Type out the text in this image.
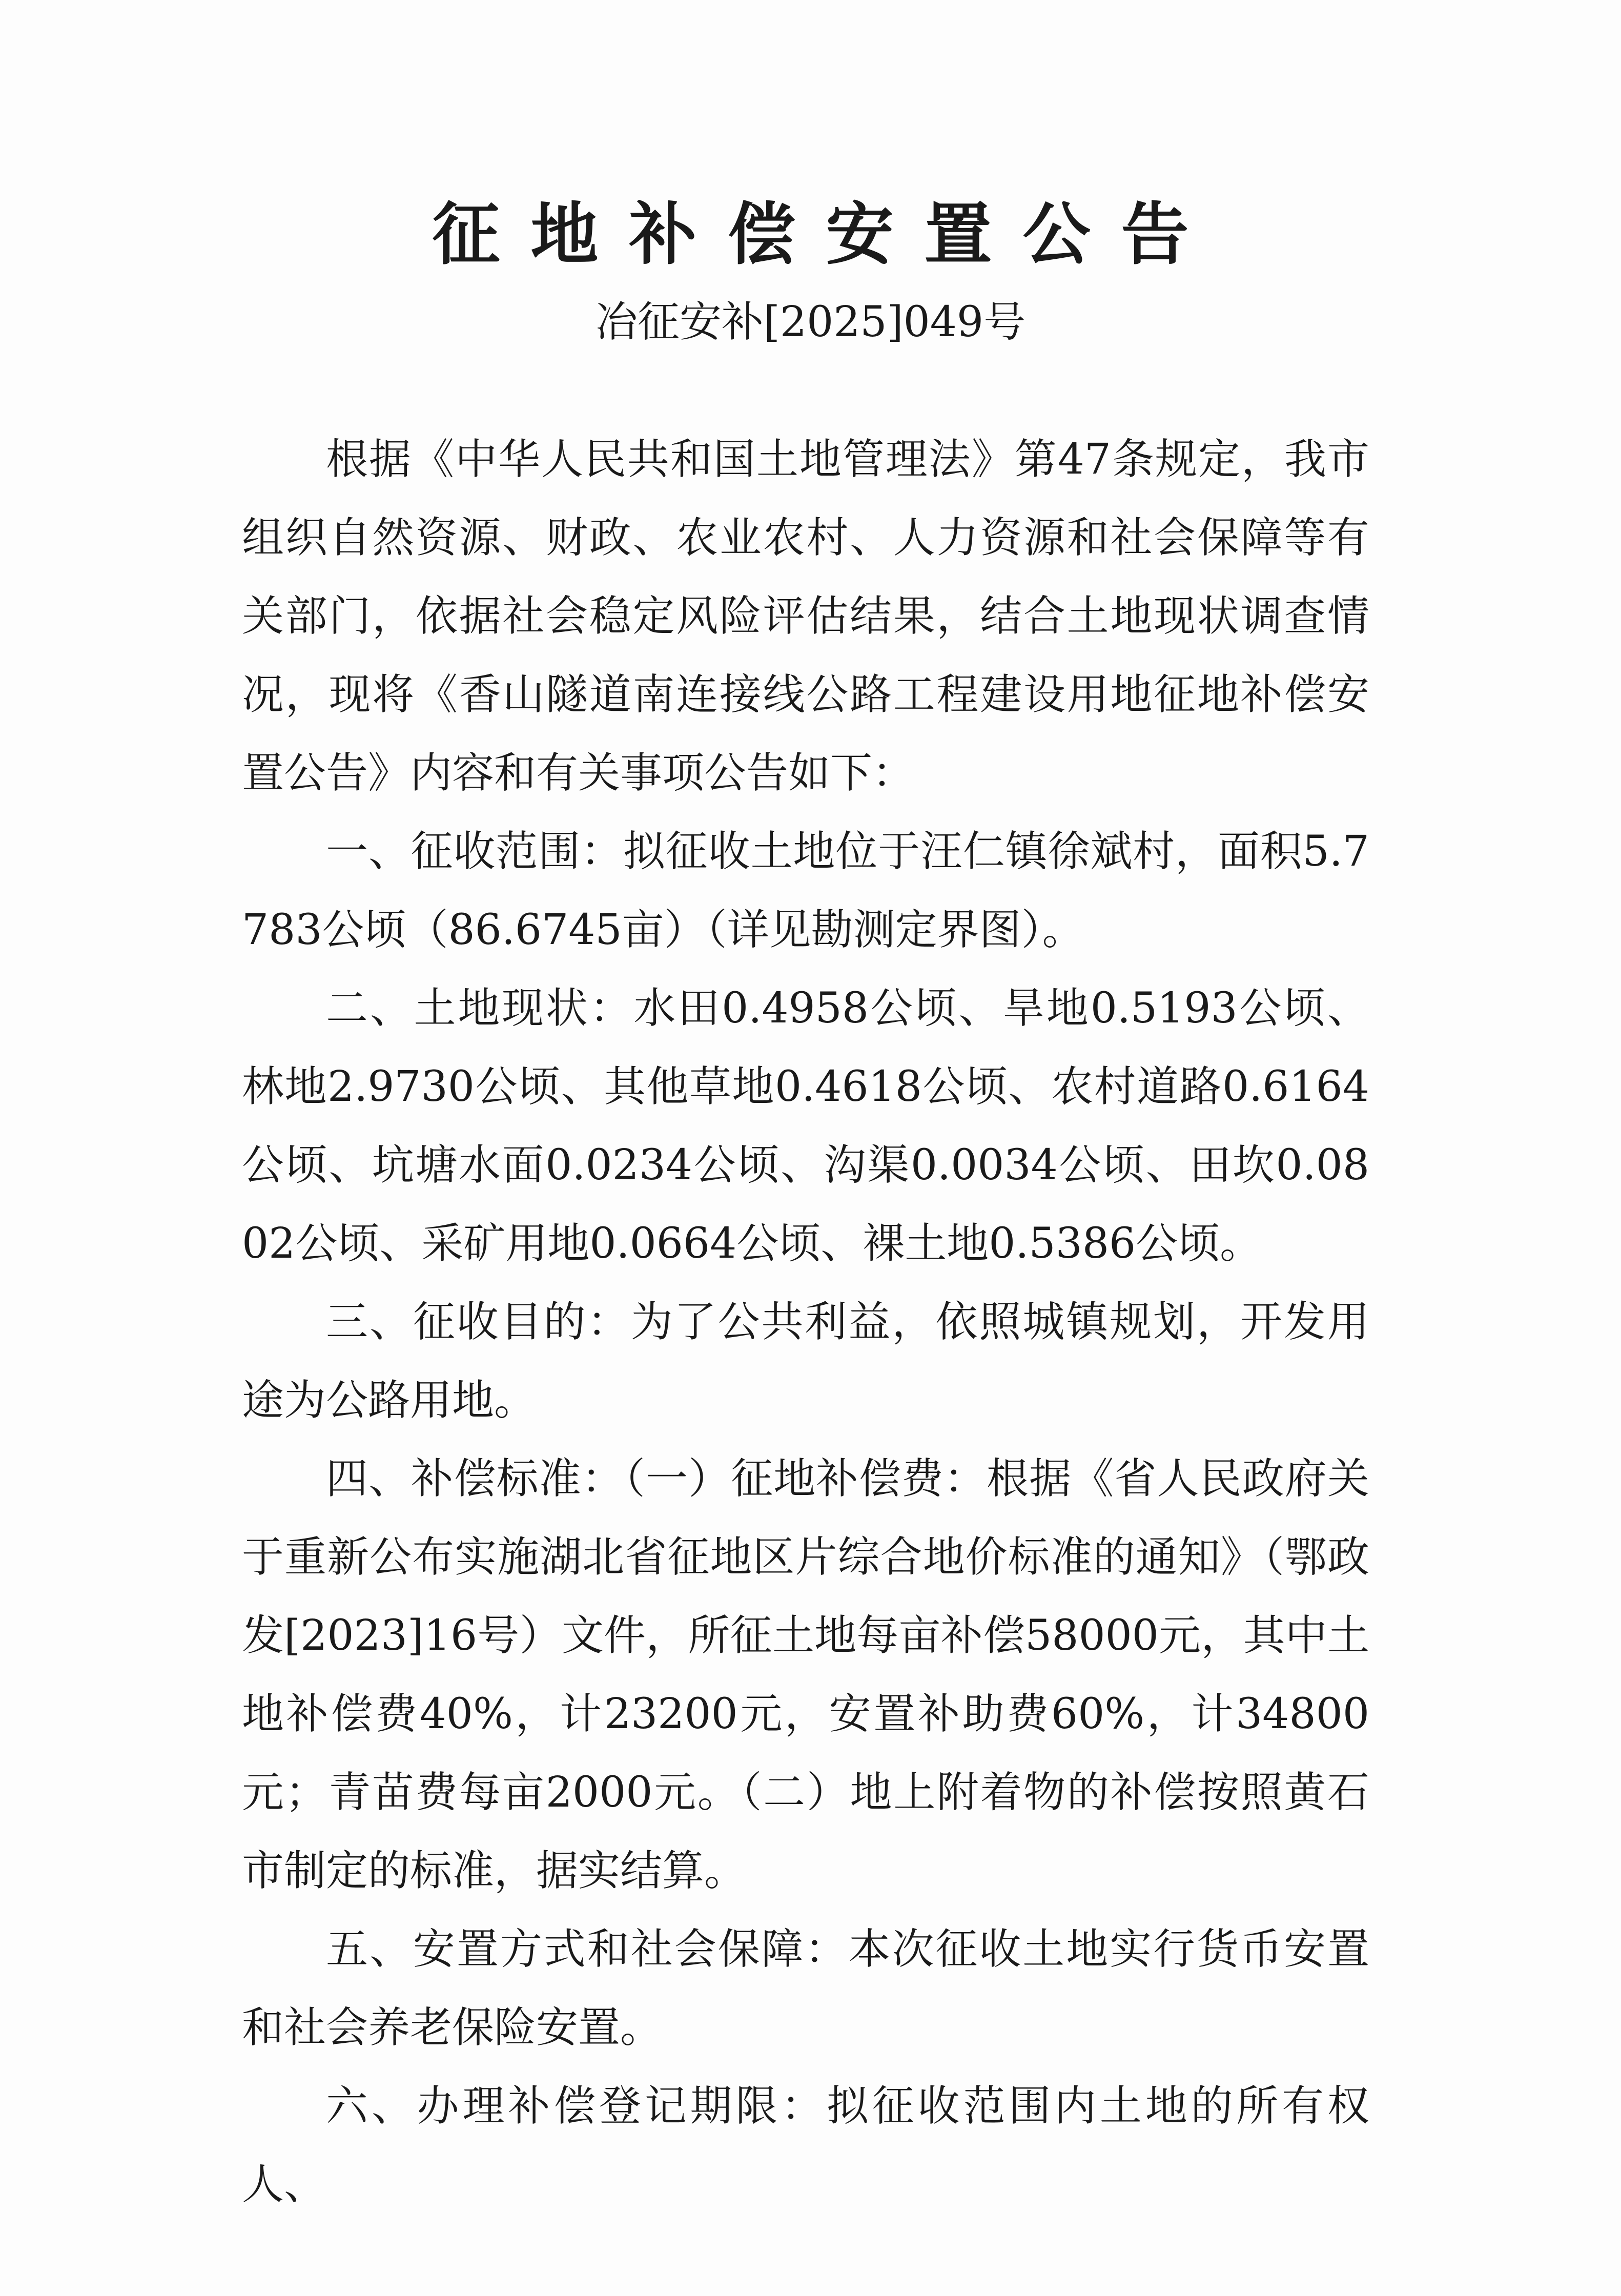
征地补偿安置公告
冶征安补[2025]049号

根据《中华人民共和国土地管理法》第47条规定，我市组织自然资源、财政、农业农村、人力资源和社会保障等有关部门，依据社会稳定风险评估结果，结合土地现状调查情况，现将《香山隧道南连接线公路工程建设用地征地补偿安置公告》内容和有关事项公告如下：

一、征收范围：拟征收土地位于汪仁镇徐斌村，面积5.7783公顷（86.6745亩）（详见勘测定界图）。

二、土地现状：水田0.4958公顷、旱地0.5193公顷、林地2.9730公顷、其他草地0.4618公顷、农村道路0.6164公顷、坑塘水面0.0234公顷、沟渠0.0034公顷、田坎0.0802公顷、采矿用地0.0664公顷、裸土地0.5386公顷。

三、征收目的：为了公共利益，依照城镇规划，开发用途为公路用地。

四、补偿标准：（一）征地补偿费：根据《省人民政府关于重新公布实施湖北省征地区片综合地价标准的通知》（鄂政发[2023]16号）文件，所征土地每亩补偿58000元，其中土地补偿费40%，计23200元，安置补助费60%，计34800元；青苗费每亩2000元。（二）地上附着物的补偿按照黄石市制定的标准，据实结算。

五、安置方式和社会保障：本次征收土地实行货币安置和社会养老保险安置。

六、办理补偿登记期限：拟征收范围内土地的所有权人、
